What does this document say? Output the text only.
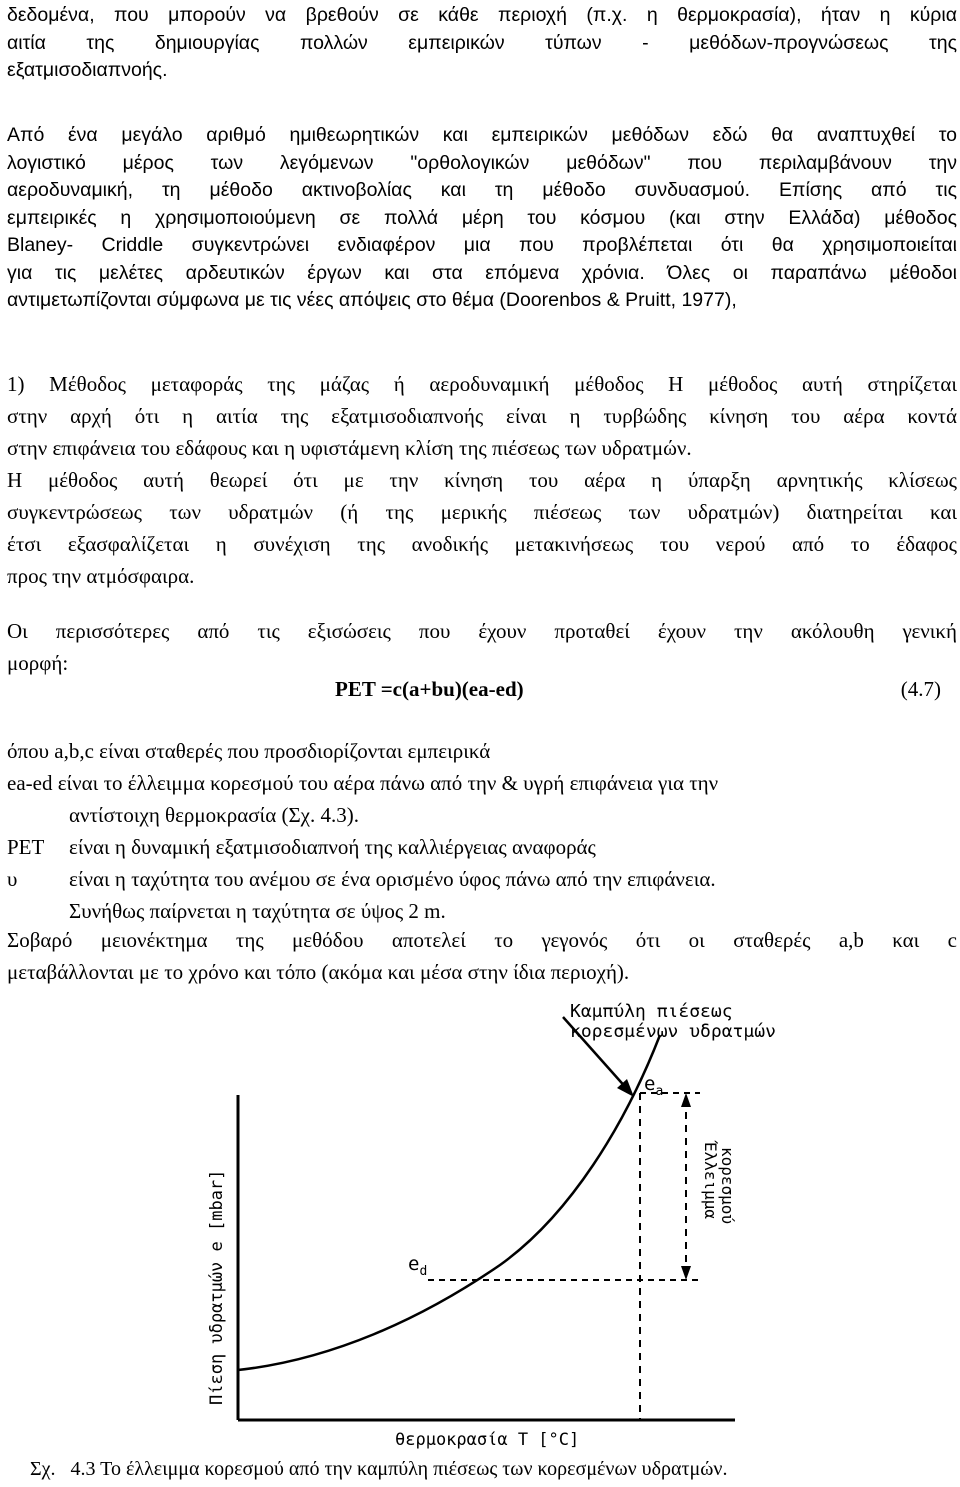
δεδομένα, που μπορούν να βρεθούν σε κάθε περιοχή (π.χ. η θερμοκρασία), ήταν η κύρια
αιτία της δημιουργίας πολλών εμπειρικών τύπων - μεθόδων-προγνώσεως της
εξατμισοδιαπνοής.
Από ένα μεγάλο αριθμό ημιθεωρητικών και εμπειρικών μεθόδων εδώ θα αναπτυχθεί το
λογιστικό μέρος των λεγόμενων "ορθολογικών μεθόδων" που περιλαμβάνουν την
αεροδυναμική, τη μέθοδο ακτινοβολίας και τη μέθοδο συνδυασμού. Επίσης από τις
εμπειρικές η χρησιμοποιούμενη σε πολλά μέρη του κόσμου (και στην Ελλάδα) μέθοδος
Blaney- Criddle συγκεντρώνει ενδιαφέρον μια που προβλέπεται ότι θα χρησιμοποιείται
για τις μελέτες αρδευτικών έργων και στα επόμενα χρόνια. Όλες οι παραπάνω μέθοδοι
αντιμετωπίζονται σύμφωνα με τις νέες απόψεις στο θέμα (Doorenbos & Pruitt, 1977),
1) Μέθοδος μεταφοράς της μάζας ή αεροδυναμική μέθοδος Η μέθοδος αυτή στηρίζεται
στην αρχή ότι η αιτία της εξατμισοδιαπνοής είναι η τυρβώδης κίνηση του αέρα κοντά
στην επιφάνεια του εδάφους και η υφιστάμενη κλίση της πιέσεως των υδρατμών.
Η μέθοδος αυτή θεωρεί ότι με την κίνηση του αέρα η ύπαρξη αρνητικής κλίσεως
συγκεντρώσεως των υδρατμών (ή της μερικής πιέσεως των υδρατμών) διατηρείται και
έτσι εξασφαλίζεται η συνέχιση της ανοδικής μετακινήσεως του νερού από το έδαφος
προς την ατμόσφαιρα.
Οι περισσότερες από τις εξισώσεις που έχουν προταθεί έχουν την ακόλουθη γενική
μορφή:
PET =c(a+bu)(ea-ed)	(4.7)
όπου a,b,c είναι σταθερές που προσδιορίζονται εμπειρικά
ea-ed είναι το έλλειμμα κορεσμού του αέρα πάνω από την & υγρή επιφάνεια για την
αντίστοιχη θερμοκρασία (Σχ. 4.3).
PET είναι η δυναμική εξατμισοδιαπνοή της καλλιέργειας αναφοράς
υ είναι η ταχύτητα του ανέμου σε ένα ορισμένο ύφος πάνω από την επιφάνεια.
Συνήθως παίρνεται η ταχύτητα σε ύψος 2 m.
Σοβαρό μειονέκτημα της μεθόδου αποτελεί το γεγονός ότι οι σταθερές a,b και c
μεταβάλλονται με το χρόνο και τόπο (ακόμα και μέσα στην ίδια περιοχή).
Καμπύλη πιέσεως
κορεσμένων υδρατμών
$e_a$
$e_d$
Έλλειμμα
κορεσμού
Πίεση υδρατμών e [mbar]
θερμοκρασία T [°C]
Σχ.   4.3 Το έλλειμμα κορεσμού από την καμπύλη πιέσεως των κορεσμένων υδρατμών.
